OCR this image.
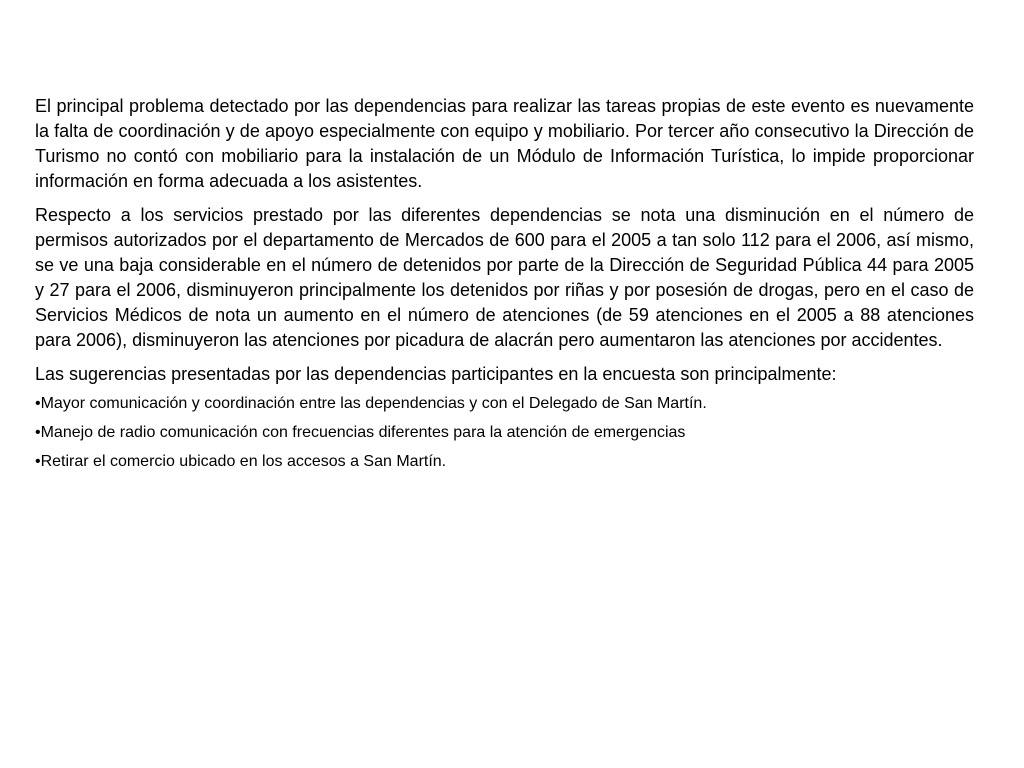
El principal problema detectado por las dependencias para realizar las tareas propias de este evento es nuevamente la falta de coordinación y de apoyo especialmente con equipo y mobiliario. Por tercer año consecutivo la Dirección de Turismo no contó con mobiliario para la instalación de un Módulo de Información Turística, lo impide proporcionar información en forma adecuada a los asistentes.

Respecto a los servicios prestado por las diferentes dependencias se nota una disminución en el número de permisos autorizados por el departamento de Mercados de 600 para el 2005 a tan solo 112 para el 2006, así mismo, se ve una baja considerable en el número de detenidos por parte de la Dirección de Seguridad Pública 44 para 2005 y 27 para el 2006, disminuyeron principalmente los detenidos por riñas y por posesión de drogas, pero en el caso de Servicios Médicos de nota un aumento en el número de atenciones (de 59 atenciones en el 2005 a 88 atenciones para 2006), disminuyeron las atenciones por picadura de alacrán pero aumentaron las atenciones por accidentes.

Las sugerencias presentadas por las dependencias participantes en la encuesta son principalmente:

•Mayor comunicación y coordinación entre las dependencias y con el Delegado de San Martín.

•Manejo de radio comunicación con frecuencias diferentes para la atención de emergencias

•Retirar el comercio ubicado en los accesos a San Martín.
